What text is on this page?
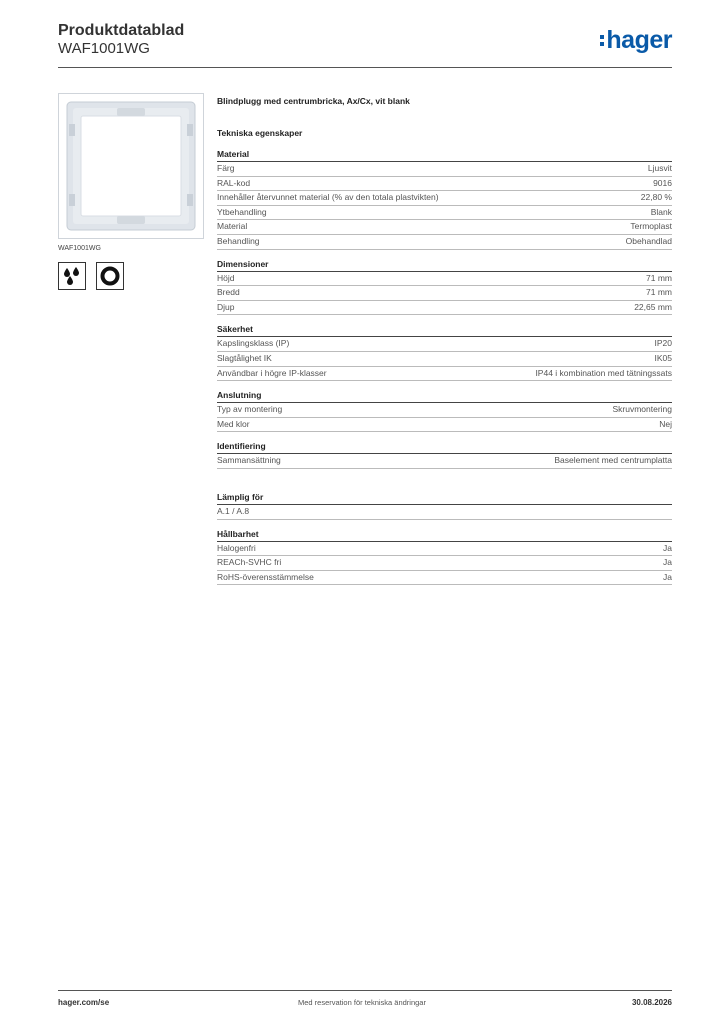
Produktdatablad
WAF1001WG	hager
WAF1001WG
Blindplugg med centrumbricka, Ax/Cx, vit blank
Tekniska egenskaper
Material
Färg	Ljusvit
RAL-kod	9016
Innehåller återvunnet material (% av den totala plastvikten)	22,80 %
Ytbehandling	Blank
Material	Termoplast
Behandling	Obehandlad
Dimensioner
Höjd	71 mm
Bredd	71 mm
Djup	22,65 mm
Säkerhet
Kapslingsklass (IP)	IP20
Slagtålighet IK	IK05
Användbar i högre IP-klasser	IP44 i kombination med tätningssats
Anslutning
Typ av montering	Skruvmontering
Med klor	Nej
Identifiering
Sammansättning	Baselement med centrumplatta
Lämplig för
A.1 / A.8
Hållbarhet
Halogenfri	Ja
REACh-SVHC fri	Ja
RoHS-överensstämmelse	Ja
hager.com/se	Med reservation för tekniska ändringar	30.08.2026
